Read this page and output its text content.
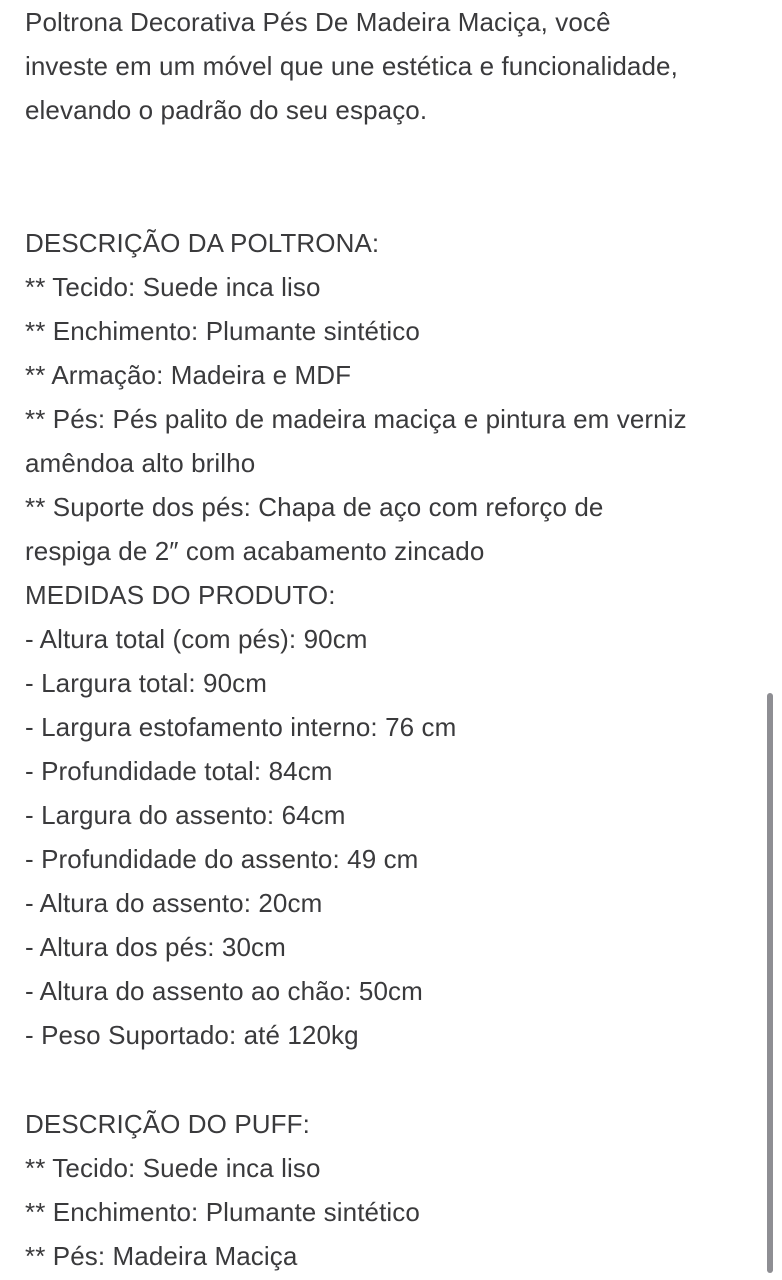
Poltrona Decorativa Pés De Madeira Maciça, você
investe em um móvel que une estética e funcionalidade,
elevando o padrão do seu espaço.
DESCRIÇÃO DA POLTRONA:
** Tecido: Suede inca liso
** Enchimento: Plumante sintético
** Armação: Madeira e MDF
** Pés: Pés palito de madeira maciça e pintura em verniz
amêndoa alto brilho
** Suporte dos pés: Chapa de aço com reforço de
respiga de 2″ com acabamento zincado
MEDIDAS DO PRODUTO:
- Altura total (com pés): 90cm
- Largura total: 90cm
- Largura estofamento interno: 76 cm
- Profundidade total: 84cm
- Largura do assento: 64cm
- Profundidade do assento: 49 cm
- Altura do assento: 20cm
- Altura dos pés: 30cm
- Altura do assento ao chão: 50cm
- Peso Suportado: até 120kg
DESCRIÇÃO DO PUFF:
** Tecido: Suede inca liso
** Enchimento: Plumante sintético
** Pés: Madeira Maciça
